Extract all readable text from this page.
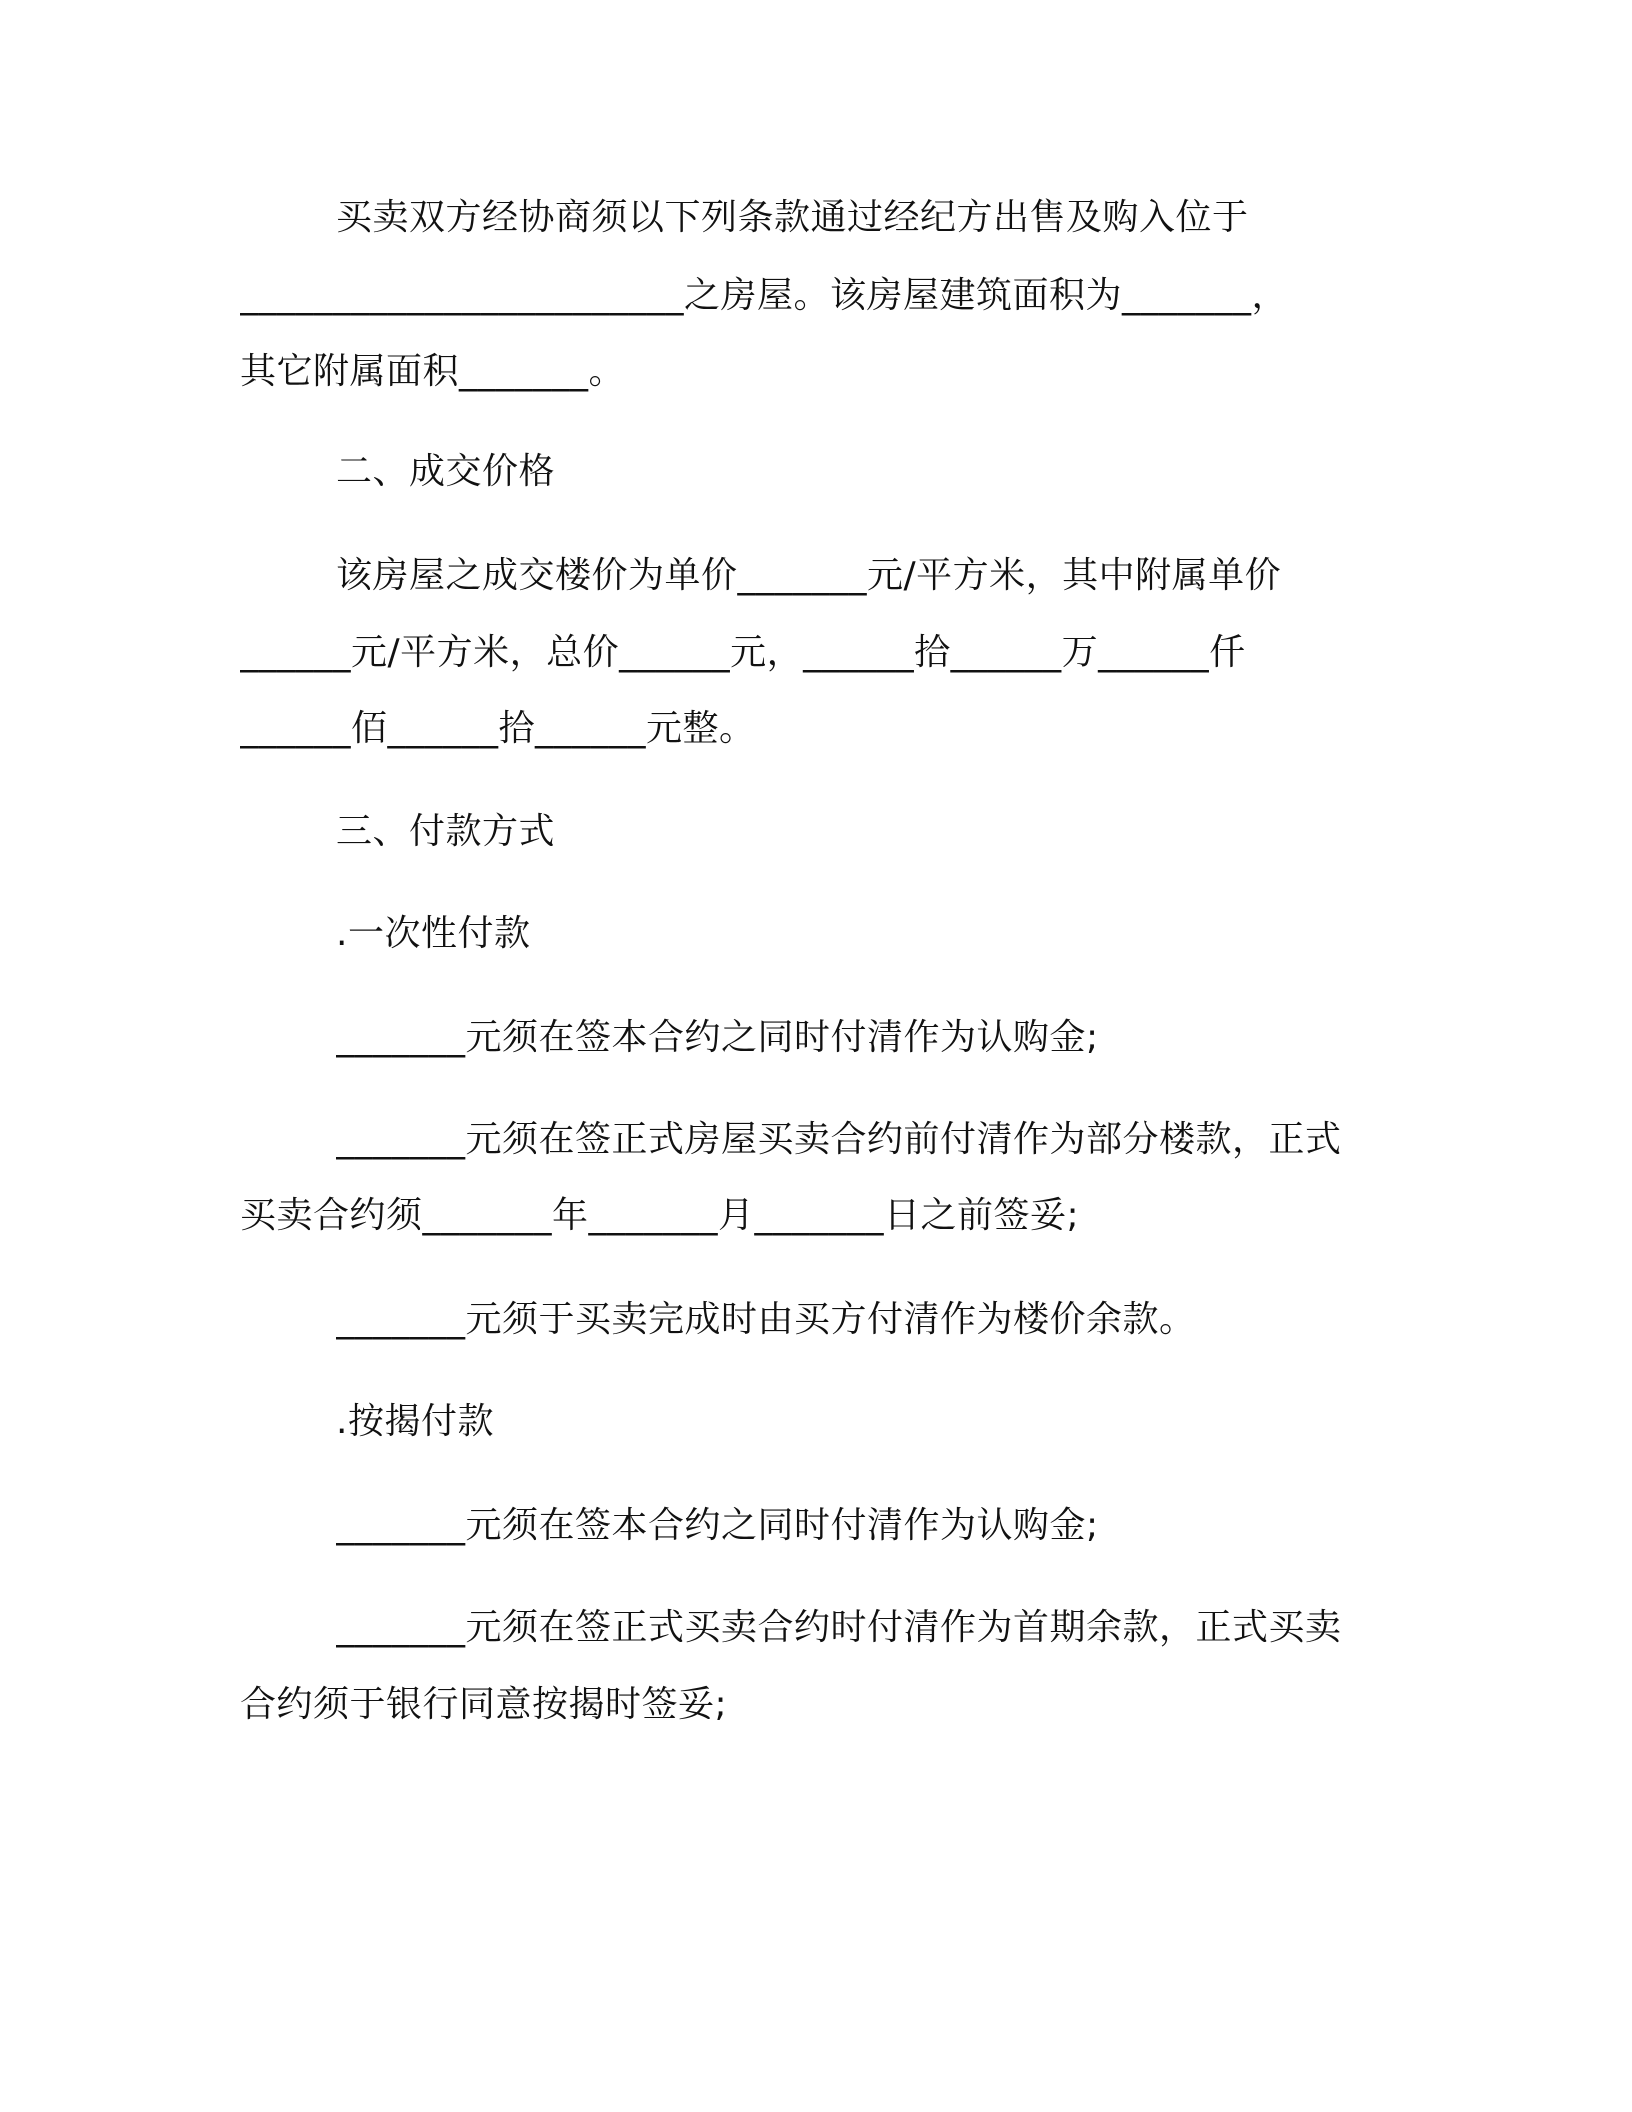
买卖双方经协商须以下列条款通过经纪方出售及购入位于

________________________之房屋。该房屋建筑面积为_______，

其它附属面积_______。

二、成交价格

该房屋之成交楼价为单价_______元/平方米，其中附属单价

______元/平方米，总价______元，______拾______万______仟

______佰______拾______元整。

三、付款方式

.一次性付款

_______元须在签本合约之同时付清作为认购金;

_______元须在签正式房屋买卖合约前付清作为部分楼款，正式

买卖合约须_______年_______月_______日之前签妥;

_______元须于买卖完成时由买方付清作为楼价余款。

.按揭付款

_______元须在签本合约之同时付清作为认购金;

_______元须在签正式买卖合约时付清作为首期余款，正式买卖

合约须于银行同意按揭时签妥;
